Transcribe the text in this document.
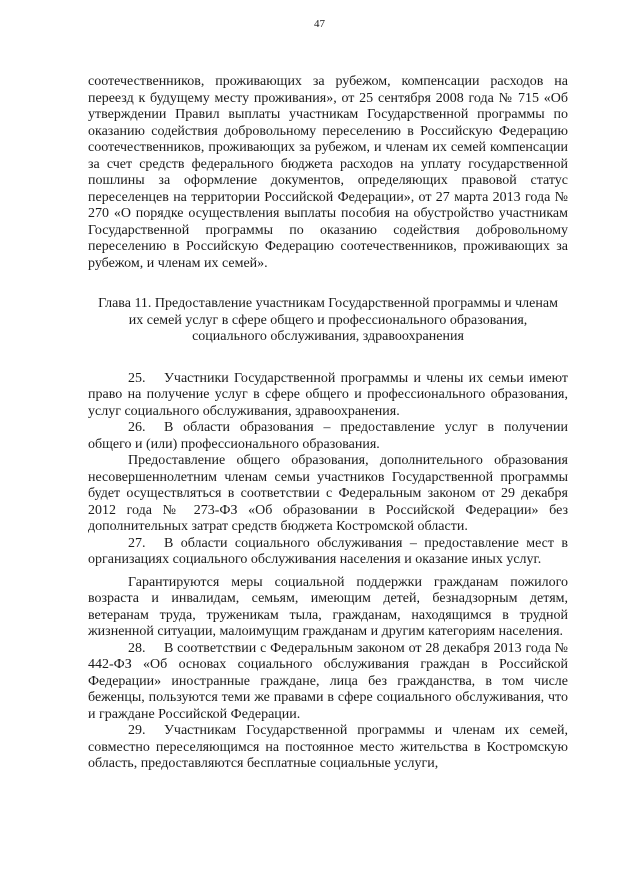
47

соотечественников, проживающих за рубежом, компенсации расходов на переезд к будущему месту проживания», от 25 сентября 2008 года № 715 «Об утверждении Правил выплаты участникам Государственной программы по оказанию содействия добровольному переселению в Российскую Федерацию соотечественников, проживающих за рубежом, и членам их семей компенсации за счет средств федерального бюджета расходов на уплату государственной пошлины за оформление документов, определяющих правовой статус переселенцев на территории Российской Федерации», от 27 марта 2013 года № 270 «О порядке осуществления выплаты пособия на обустройство участникам Государственной программы по оказанию содействия добровольному переселению в Российскую Федерацию соотечественников, проживающих за рубежом, и членам их семей».

Глава 11. Предоставление участникам Государственной программы и членам их семей услуг в сфере общего и профессионального образования, социального обслуживания, здравоохранения

25. Участники Государственной программы и члены их семьи имеют право на получение услуг в сфере общего и профессионального образования, услуг социального обслуживания, здравоохранения.

26. В области образования – предоставление услуг в получении общего и (или) профессионального образования.

Предоставление общего образования, дополнительного образования несовершеннолетним членам семьи участников Государственной программы будет осуществляться в соответствии с Федеральным законом от 29 декабря 2012 года № 273-ФЗ «Об образовании в Российской Федерации» без дополнительных затрат средств бюджета Костромской области.

27. В области социального обслуживания – предоставление мест в организациях социального обслуживания населения и оказание иных услуг.

Гарантируются меры социальной поддержки гражданам пожилого возраста и инвалидам, семьям, имеющим детей, безнадзорным детям, ветеранам труда, труженикам тыла, гражданам, находящимся в трудной жизненной ситуации, малоимущим гражданам и другим категориям населения.

28. В соответствии с Федеральным законом от 28 декабря 2013 года № 442-ФЗ «Об основах социального обслуживания граждан в Российской Федерации» иностранные граждане, лица без гражданства, в том числе беженцы, пользуются теми же правами в сфере социального обслуживания, что и граждане Российской Федерации.

29. Участникам Государственной программы и членам их семей, совместно переселяющимся на постоянное место жительства в Костромскую область, предоставляются бесплатные социальные услуги,
